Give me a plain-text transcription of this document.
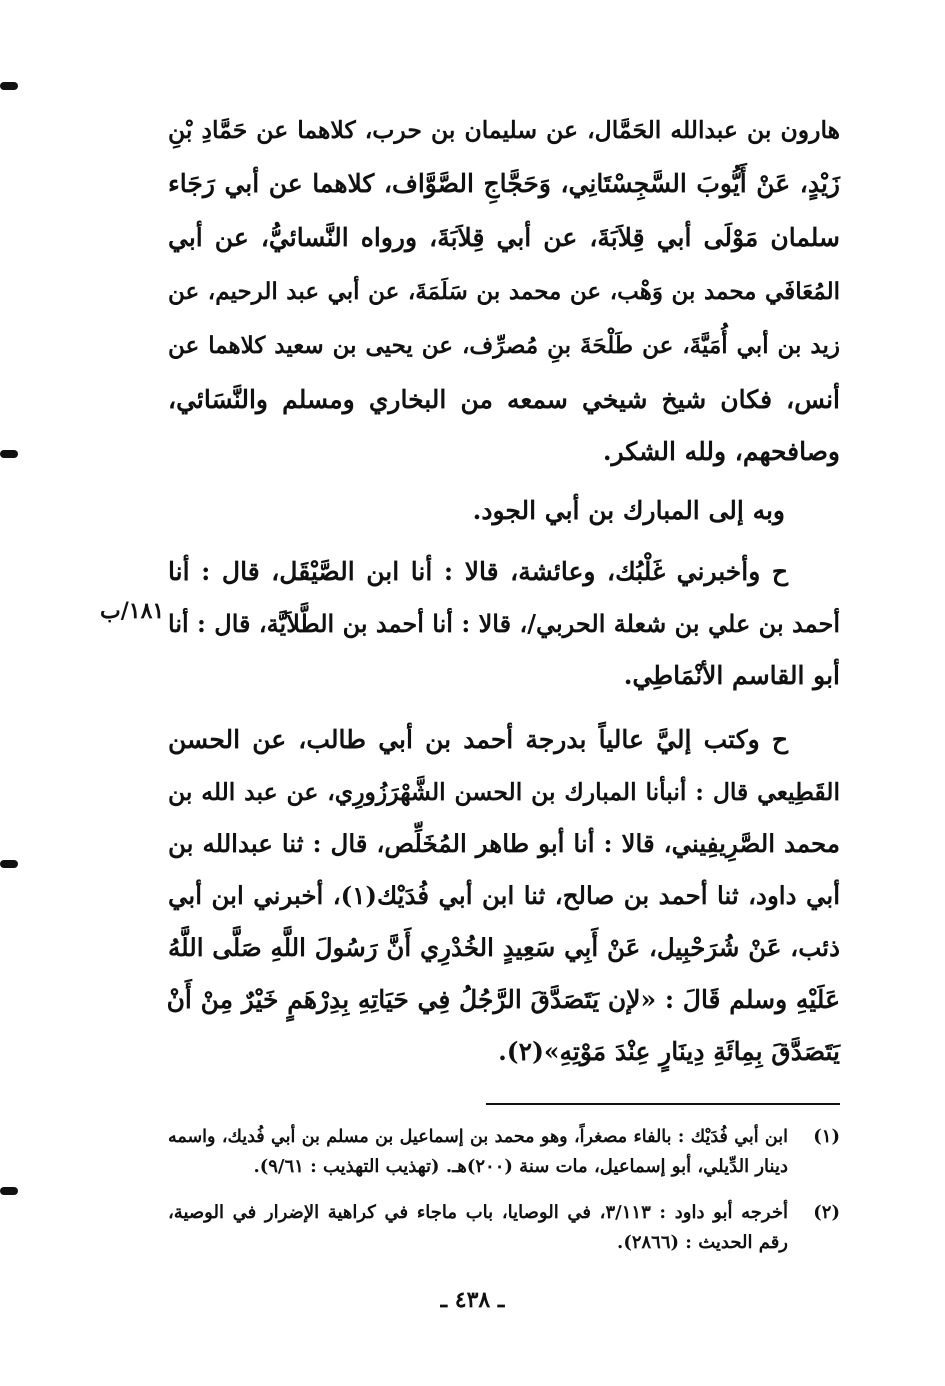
هارون بن عبدالله الحَمَّال، عن سليمان بن حرب، كلاهما عن حَمَّادِ بْنِ
زَيْدٍ، عَنْ أَيُّوبَ السَّجِسْتَانِي، وَحَجَّاجِ الصَّوَّاف، كلاهما عن أبي رَجَاء
سلمان مَوْلَى أبي قِلاَبَةَ، عن أبي قِلاَبَةَ، ورواه النَّسائيُّ، عن أبي
المُعَافَي محمد بن وَهْب، عن محمد بن سَلَمَةَ، عن أبي عبد الرحيم، عن
زيد بن أبي أُمَيَّةَ، عن طَلْحَةَ بنِ مُصرِّف، عن يحيى بن سعيد كلاهما عن
أنس، فكان شيخ شيخي سمعه من البخاري ومسلم والنَّسَائي،
وصافحهم، ولله الشكر.
وبه إلى المبارك بن أبي الجود.
ح وأخبرني غَلْبُك، وعائشة، قالا : أنا ابن الصَّيْقَل، قال : أنا
أحمد بن علي بن شعلة الحربي/، قالا : أنا أحمد بن الطَّلاَيَّة، قال : أنا
أبو القاسم الأنْمَاطِي.
ح وكتب إليَّ عالياً بدرجة أحمد بن أبي طالب، عن الحسن
القَطِيعي قال : أنبأنا المبارك بن الحسن الشَّهْرَزُورِي، عن عبد الله بن
محمد الصَّرِيفِيني، قالا : أنا أبو طاهر المُخَلِّص، قال : ثنا عبدالله بن
أبي داود، ثنا أحمد بن صالح، ثنا ابن أبي فُدَيْك(١)، أخبرني ابن أبي
ذئب، عَنْ شُرَحْبِيل، عَنْ أَبِي سَعِيدٍ الخُدْرِي أَنَّ رَسُولَ اللَّهِ صَلَّى اللَّهُ
عَلَيْهِ وسلم قَالَ : «لإن يَتَصَدَّقَ الرَّجُلُ فِي حَيَاتِهِ بِدِرْهَمٍ خَيْرٌ مِنْ أَنْ
يَتَصَدَّقَ بِمِائَةِ دِينَارٍ عِنْدَ مَوْتِهِ»(٢).
١٨١/ب
(١)
ابن أبي فُدَيْك : بالفاء مصغراً، وهو محمد بن إسماعيل بن مسلم بن أبي فُديك، واسمه
دينار الدِّيلي، أبو إسماعيل، مات سنة (٢٠٠)هـ. (تهذيب التهذيب : ٩/٦١).
(٢)
أخرجه أبو داود : ٣/١١٣، في الوصايا، باب ماجاء في كراهية الإضرار في الوصية،
رقم الحديث : (٢٨٦٦).
ـ ٤٣٨ ـ
